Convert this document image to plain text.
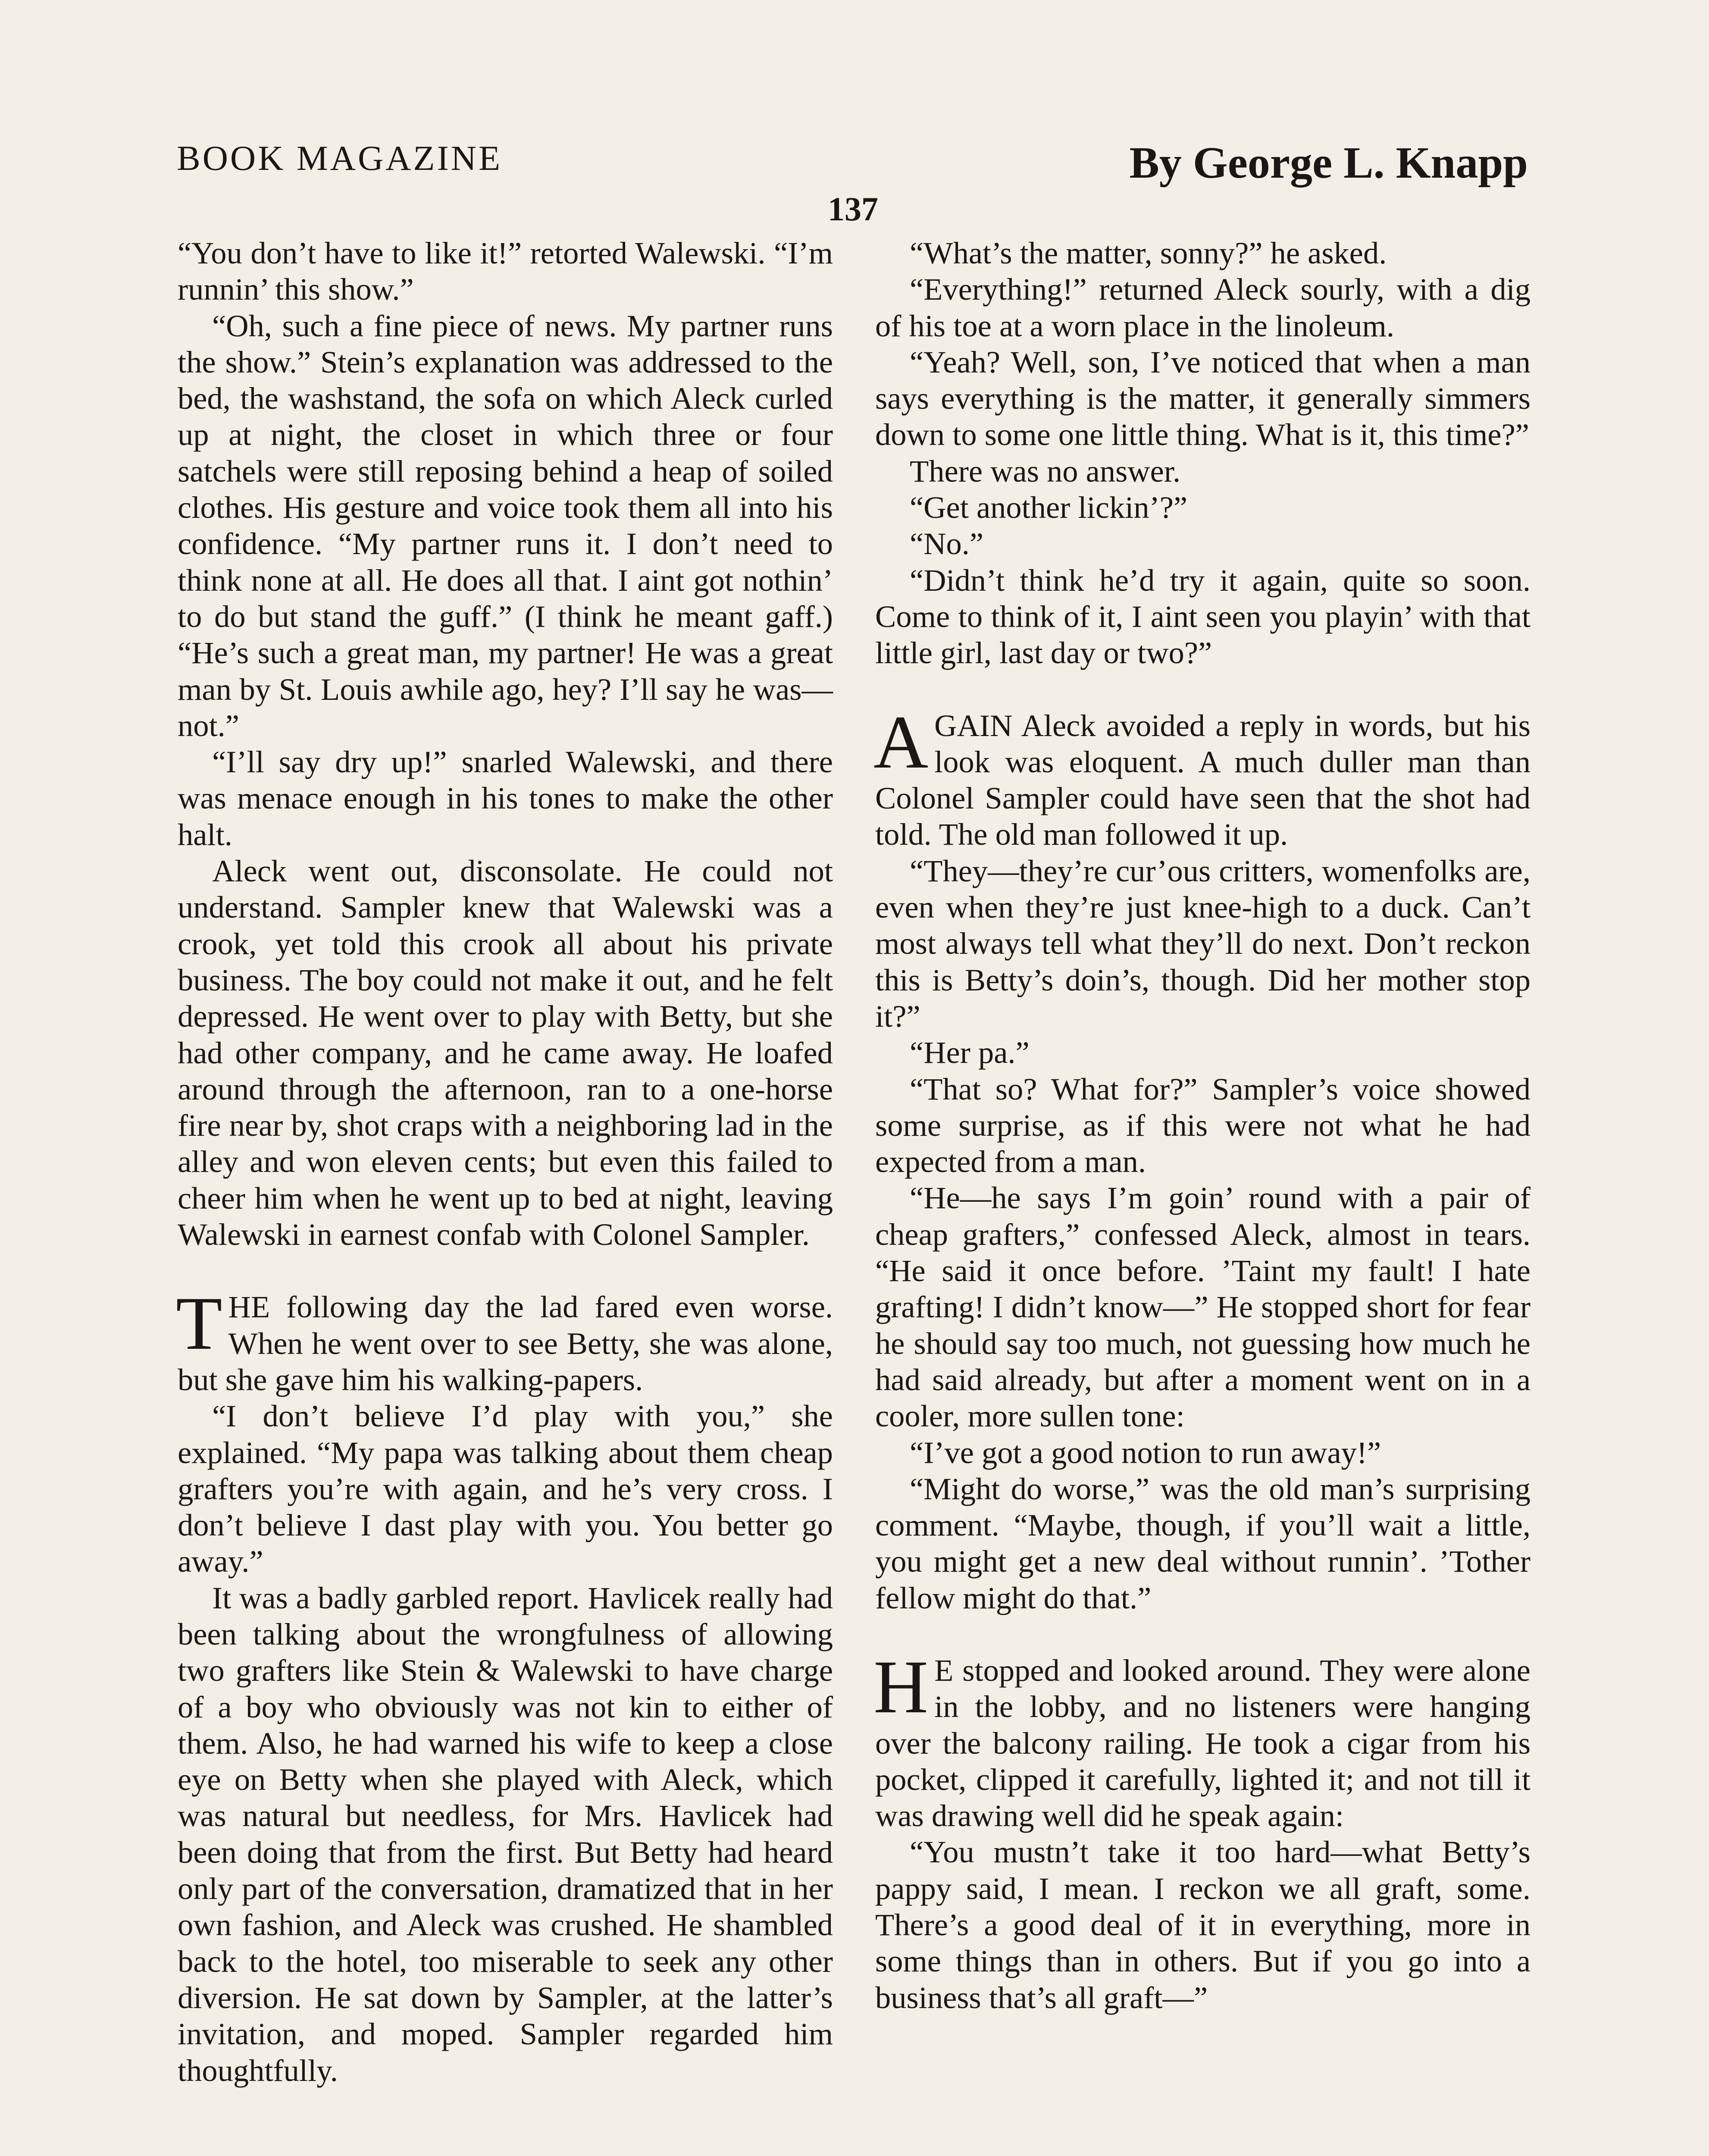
BOOK MAGAZINE	By George L. Knapp
137

“You don’t have to like it!” retorted Walewski. “I’m runnin’ this show.”

“Oh, such a fine piece of news. My partner runs the show.” Stein’s explanation was addressed to the bed, the washstand, the sofa on which Aleck curled up at night, the closet in which three or four satchels were still reposing behind a heap of soiled clothes. His gesture and voice took them all into his confidence. “My partner runs it. I don’t need to think none at all. He does all that. I aint got nothin’ to do but stand the guff.” (I think he meant gaff.) “He’s such a great man, my partner! He was a great man by St. Louis awhile ago, hey? I’ll say he was—not.”

“I’ll say dry up!” snarled Walewski, and there was menace enough in his tones to make the other halt.

Aleck went out, disconsolate. He could not understand. Sampler knew that Walewski was a crook, yet told this crook all about his private business. The boy could not make it out, and he felt depressed. He went over to play with Betty, but she had other company, and he came away. He loafed around through the afternoon, ran to a one-horse fire near by, shot craps with a neighboring lad in the alley and won eleven cents; but even this failed to cheer him when he went up to bed at night, leaving Walewski in earnest confab with Colonel Sampler.

THE following day the lad fared even worse. When he went over to see Betty, she was alone, but she gave him his walking-papers.

“I don’t believe I’d play with you,” she explained. “My papa was talking about them cheap grafters you’re with again, and he’s very cross. I don’t believe I dast play with you. You better go away.”

It was a badly garbled report. Havlicek really had been talking about the wrongfulness of allowing two grafters like Stein & Walewski to have charge of a boy who obviously was not kin to either of them. Also, he had warned his wife to keep a close eye on Betty when she played with Aleck, which was natural but needless, for Mrs. Havlicek had been doing that from the first. But Betty had heard only part of the conversation, dramatized that in her own fashion, and Aleck was crushed. He shambled back to the hotel, too miserable to seek any other diversion. He sat down by Sampler, at the latter’s invitation, and moped. Sampler regarded him thoughtfully.

“What’s the matter, sonny?” he asked.

“Everything!” returned Aleck sourly, with a dig of his toe at a worn place in the linoleum.

“Yeah? Well, son, I’ve noticed that when a man says everything is the matter, it generally simmers down to some one little thing. What is it, this time?”

There was no answer.

“Get another lickin’?”

“No.”

“Didn’t think he’d try it again, quite so soon. Come to think of it, I aint seen you playin’ with that little girl, last day or two?”

AGAIN Aleck avoided a reply in words, but his look was eloquent. A much duller man than Colonel Sampler could have seen that the shot had told. The old man followed it up.

“They—they’re cur’ous critters, womenfolks are, even when they’re just knee-high to a duck. Can’t most always tell what they’ll do next. Don’t reckon this is Betty’s doin’s, though. Did her mother stop it?”

“Her pa.”

“That so? What for?” Sampler’s voice showed some surprise, as if this were not what he had expected from a man.

“He—he says I’m goin’ round with a pair of cheap grafters,” confessed Aleck, almost in tears. “He said it once before. ’Taint my fault! I hate grafting! I didn’t know—” He stopped short for fear he should say too much, not guessing how much he had said already, but after a moment went on in a cooler, more sullen tone:

“I’ve got a good notion to run away!”

“Might do worse,” was the old man’s surprising comment. “Maybe, though, if you’ll wait a little, you might get a new deal without runnin’. ’Tother fellow might do that.”

H E stopped and looked around. They were alone in the lobby, and no listeners were hanging over the balcony railing. He took a cigar from his pocket, clipped it carefully, lighted it; and not till it was drawing well did he speak again:

“You mustn’t take it too hard—what Betty’s pappy said, I mean. I reckon we all graft, some. There’s a good deal of it in everything, more in some things than in others. But if you go into a business that’s all graft—”
